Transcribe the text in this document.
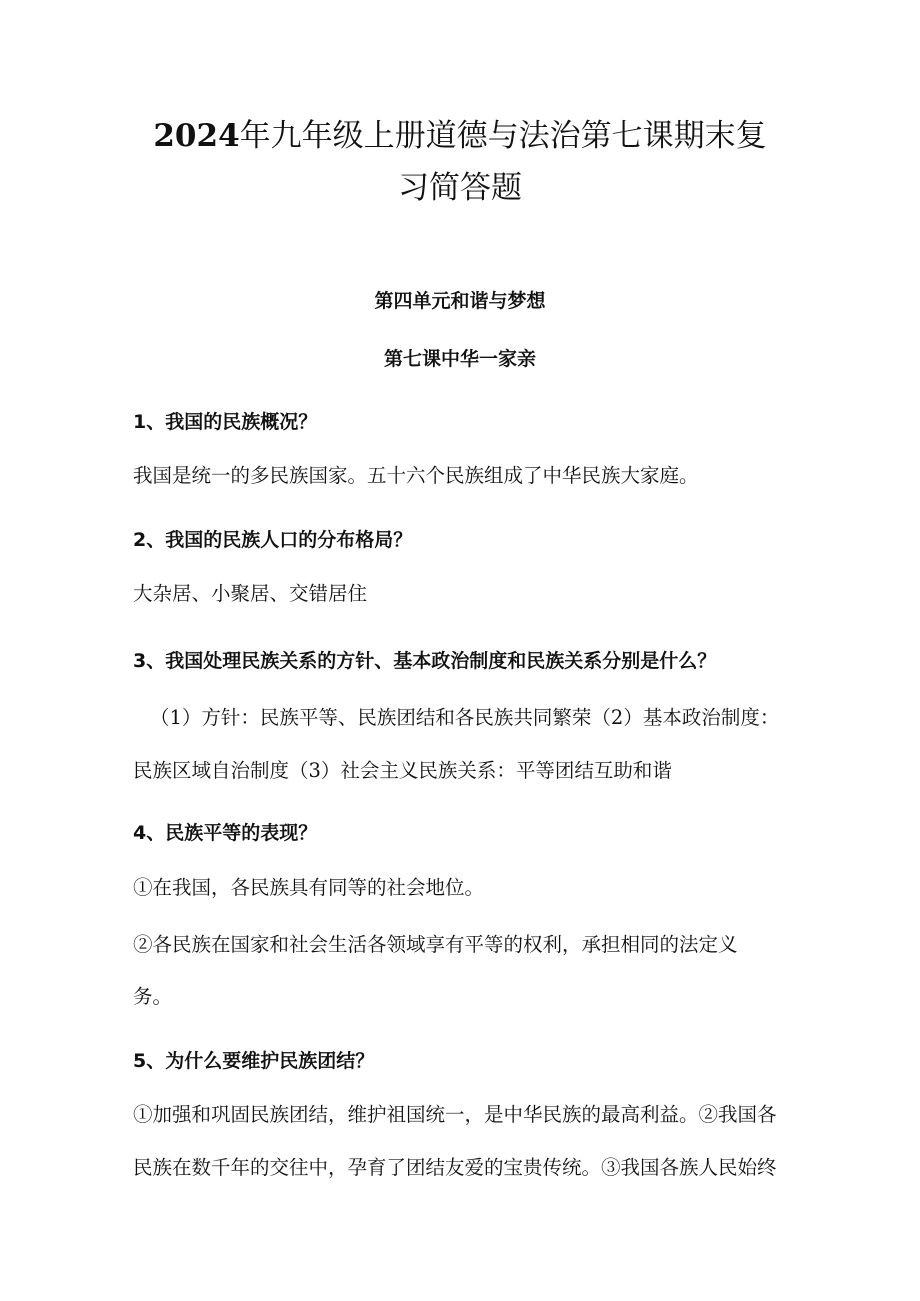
2024年九年级上册道德与法治第七课期末复
习简答题
第四单元和谐与梦想
第七课中华一家亲

1、我国的民族概况？

我国是统一的多民族国家。五十六个民族组成了中华民族大家庭。

2、我国的民族人口的分布格局？

大杂居、小聚居、交错居住

3、我国处理民族关系的方针、基本政治制度和民族关系分别是什么？

（1）方针：民族平等、民族团结和各民族共同繁荣（2）基本政治制度：

民族区域自治制度（3）社会主义民族关系：平等团结互助和谐

4、民族平等的表现？

①在我国，各民族具有同等的社会地位。

②各民族在国家和社会生活各领域享有平等的权利，承担相同的法定义

务。

5、为什么要维护民族团结？

①加强和巩固民族团结，维护祖国统一，是中华民族的最高利益。②我国各

民族在数千年的交往中，孕育了团结友爱的宝贵传统。③我国各族人民始终
